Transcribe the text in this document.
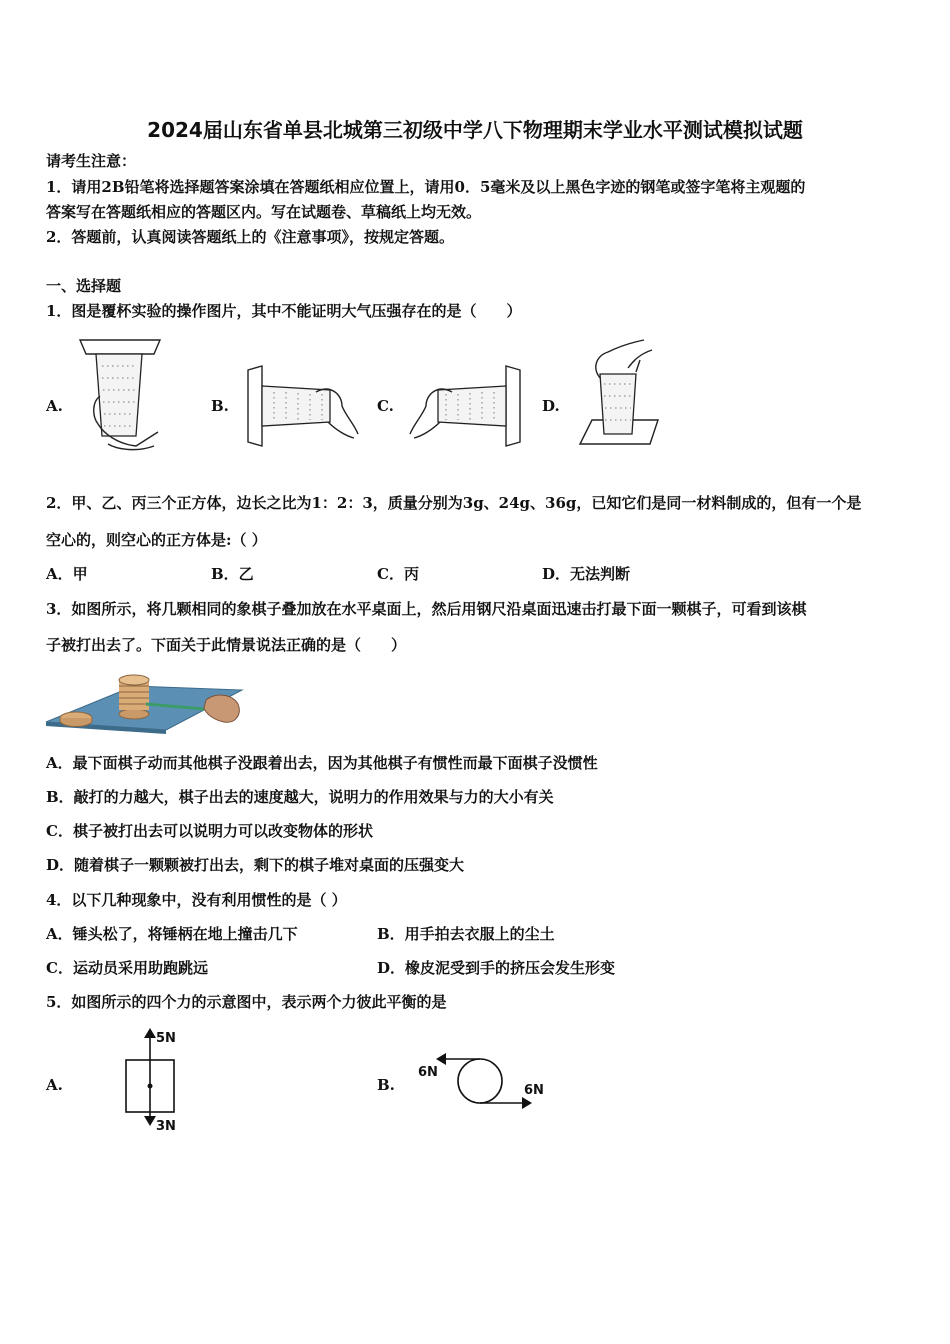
2024届山东省单县北城第三初级中学八下物理期末学业水平测试模拟试题
请考生注意：
1．请用2B铅笔将选择题答案涂填在答题纸相应位置上，请用0．5毫米及以上黑色字迹的钢笔或签字笔将主观题的
答案写在答题纸相应的答题区内。写在试题卷、草稿纸上均无效。
2．答题前，认真阅读答题纸上的《注意事项》，按规定答题。
一、选择题
1．图是覆杯实验的操作图片，其中不能证明大气压强存在的是（　　）
A.	B.	C.	D.
2．甲、乙、丙三个正方体，边长之比为1：2：3，质量分别为3g、24g、36g，已知它们是同一材料制成的，但有一个是
空心的，则空心的正方体是:（ ）
A．甲	B．乙	C．丙	D．无法判断
3．如图所示，将几颗相同的象棋子叠加放在水平桌面上，然后用钢尺沿桌面迅速击打最下面一颗棋子，可看到该棋
子被打出去了。下面关于此情景说法正确的是（　　）
A．最下面棋子动而其他棋子没跟着出去，因为其他棋子有惯性而最下面棋子没惯性
B．敲打的力越大，棋子出去的速度越大，说明力的作用效果与力的大小有关
C．棋子被打出去可以说明力可以改变物体的形状
D．随着棋子一颗颗被打出去，剩下的棋子堆对桌面的压强变大
4．以下几种现象中，没有利用惯性的是（ ）
A．锤头松了，将锤柄在地上撞击几下	B．用手拍去衣服上的尘土
C．运动员采用助跑跳远	D．橡皮泥受到手的挤压会发生形变
5．如图所示的四个力的示意图中，表示两个力彼此平衡的是
A.	B.
5N
3N
6N
6N
